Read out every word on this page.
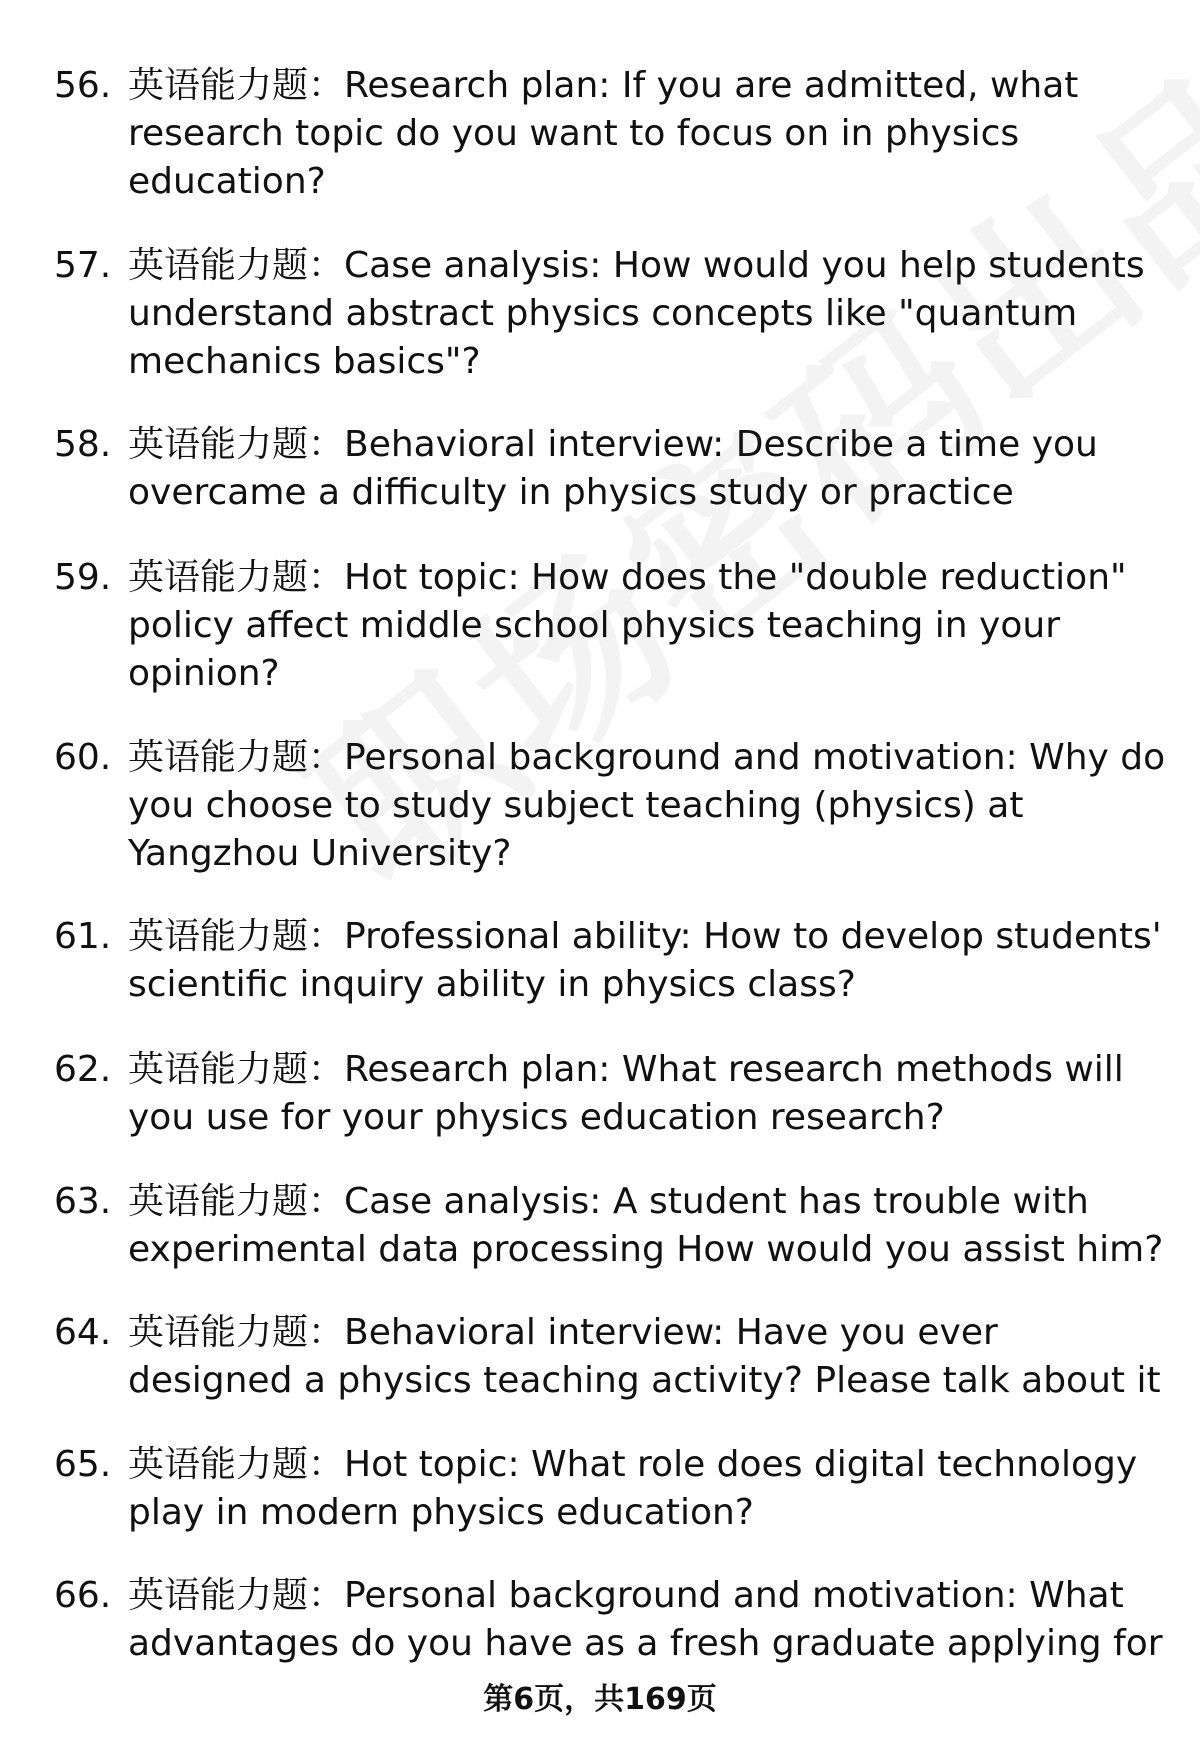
56. 英语能力题：Research plan: If you are admitted, what research topic do you want to focus on in physics education?
57. 英语能力题：Case analysis: How would you help students understand abstract physics concepts like "quantum mechanics basics"?
58. 英语能力题：Behavioral interview: Describe a time you overcame a difficulty in physics study or practice
59. 英语能力题：Hot topic: How does the "double reduction" policy affect middle school physics teaching in your opinion?
60. 英语能力题：Personal background and motivation: Why do you choose to study subject teaching (physics) at Yangzhou University?
61. 英语能力题：Professional ability: How to develop students' scientific inquiry ability in physics class?
62. 英语能力题：Research plan: What research methods will you use for your physics education research?
63. 英语能力题：Case analysis: A student has trouble with experimental data processing How would you assist him?
64. 英语能力题：Behavioral interview: Have you ever designed a physics teaching activity? Please talk about it
65. 英语能力题：Hot topic: What role does digital technology play in modern physics education?
66. 英语能力题：Personal background and motivation: What advantages do you have as a fresh graduate applying for
第6页，共169页
